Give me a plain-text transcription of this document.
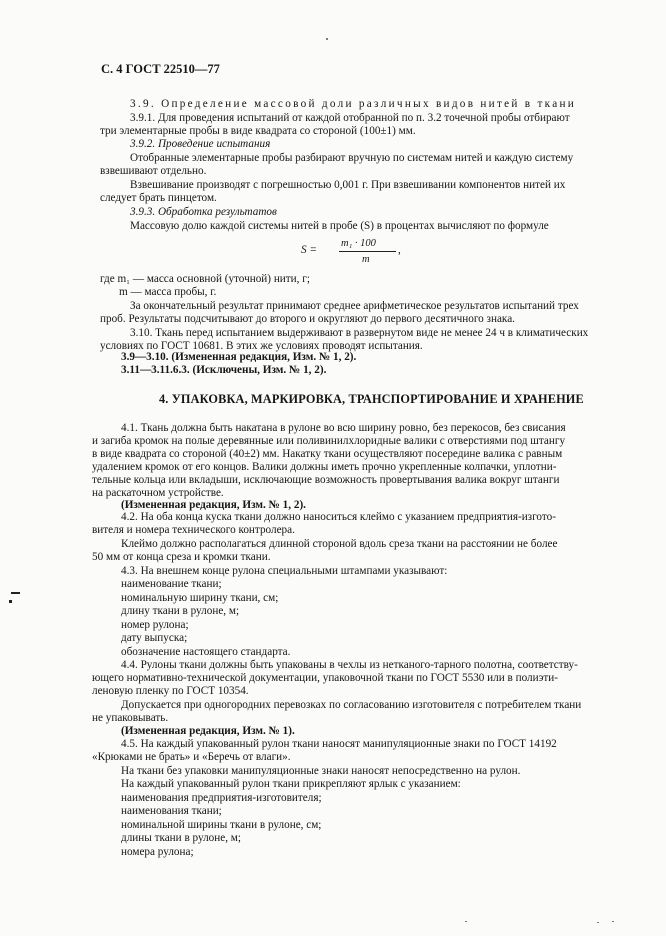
С. 4 ГОСТ 22510—77
3.9. Определение массовой доли различных видов нитей в ткани
3.9.1. Для проведения испытаний от каждой отобранной по п. 3.2 точечной пробы отбирают
три элементарные пробы в виде квадрата со стороной (100±1) мм.
3.9.2. Проведение испытания
Отобранные элементарные пробы разбирают вручную по системам нитей и каждую систему
взвешивают отдельно.
Взвешивание производят с погрешностью 0,001 г. При взвешивании компонентов нитей их
следует брать пинцетом.
3.9.3. Обработка результатов
Массовую долю каждой системы нитей в пробе (S) в процентах вычисляют по формуле
S =
m₁ · 100
m
,
где m₁ — масса основной (уточной) нити, г;
m — масса пробы, г.
За окончательный результат принимают среднее арифметическое результатов испытаний трех
проб. Результаты подсчитывают до второго и округляют до первого десятичного знака.
3.10. Ткань перед испытанием выдерживают в развернутом виде не менее 24 ч в климатических
условиях по ГОСТ 10681. В этих же условиях проводят испытания.
3.9—3.10. (Измененная редакция, Изм. № 1, 2).
3.11—3.11.6.3. (Исключены, Изм. № 1, 2).
4. УПАКОВКА, МАРКИРОВКА, ТРАНСПОРТИРОВАНИЕ И ХРАНЕНИЕ
4.1. Ткань должна быть накатана в рулоне во всю ширину ровно, без перекосов, без свисания
и загиба кромок на полые деревянные или поливинилхлоридные валики с отверстиями под штангу
в виде квадрата со стороной (40±2) мм. Накатку ткани осуществляют посередине валика с равным
удалением кромок от его концов. Валики должны иметь прочно укрепленные колпачки, уплотни-
тельные кольца или вкладыши, исключающие возможность провертывания валика вокруг штанги
на раскаточном устройстве.
(Измененная редакция, Изм. № 1, 2).
4.2. На оба конца куска ткани должно наноситься клеймо с указанием предприятия-изгото-
вителя и номера технического контролера.
Клеймо должно располагаться длинной стороной вдоль среза ткани на расстоянии не более
50 мм от конца среза и кромки ткани.
4.3. На внешнем конце рулона специальными штампами указывают:
наименование ткани;
номинальную ширину ткани, см;
длину ткани в рулоне, м;
номер рулона;
дату выпуска;
обозначение настоящего стандарта.
4.4. Рулоны ткани должны быть упакованы в чехлы из нетканого-тарного полотна, соответству-
ющего нормативно-технической документации, упаковочной ткани по ГОСТ 5530 или в полиэти-
леновую пленку по ГОСТ 10354.
Допускается при одногородних перевозках по согласованию изготовителя с потребителем ткани
не упаковывать.
(Измененная редакция, Изм. № 1).
4.5. На каждый упакованный рулон ткани наносят манипуляционные знаки по ГОСТ 14192
«Крюками не брать» и «Беречь от влаги».
На ткани без упаковки манипуляционные знаки наносят непосредственно на рулон.
На каждый упакованный рулон ткани прикрепляют ярлык с указанием:
наименования предприятия-изготовителя;
наименования ткани;
номинальной ширины ткани в рулоне, см;
длины ткани в рулоне, м;
номера рулона;
